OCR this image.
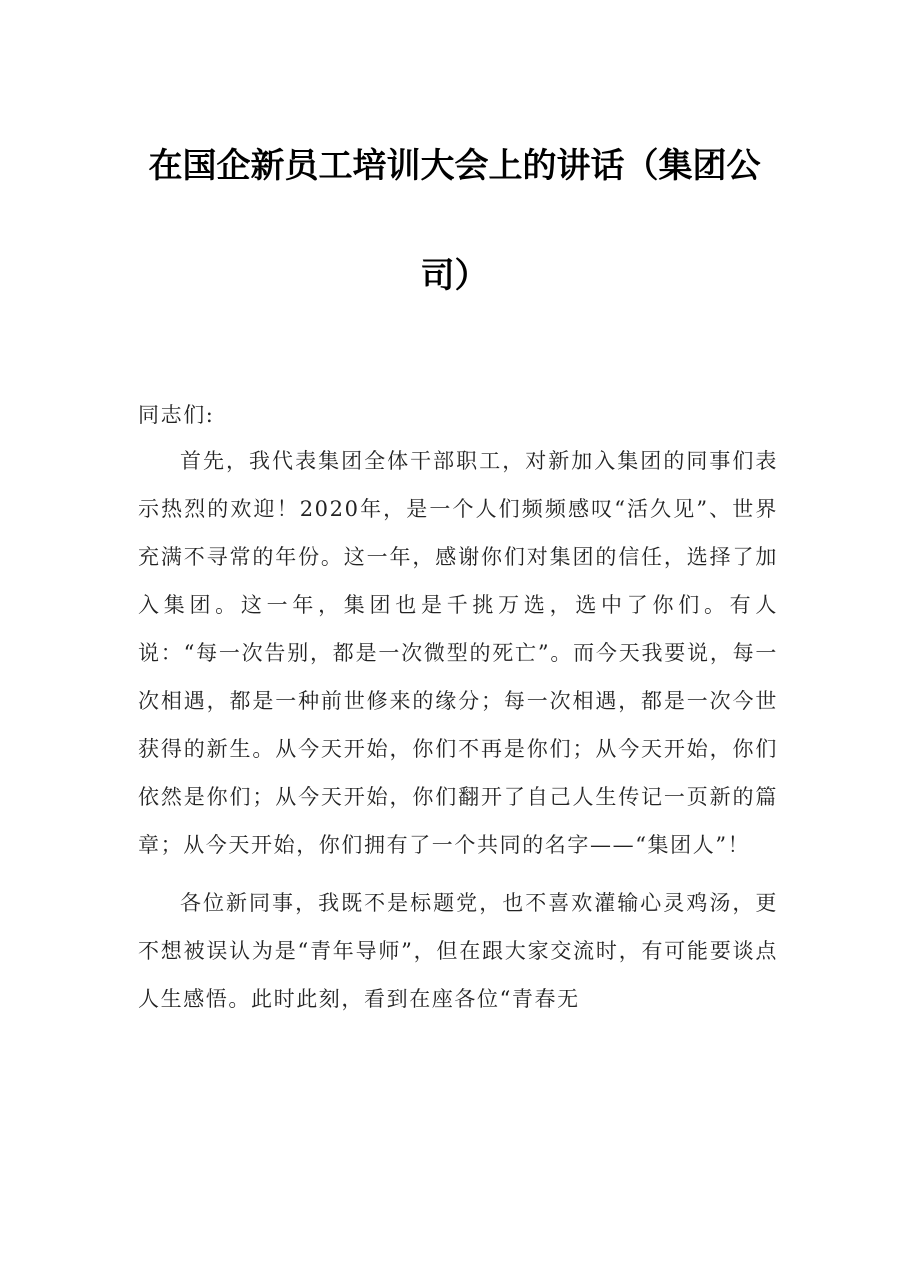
在国企新员工培训大会上的讲话（集团公
司）
同志们:

首先，我代表集团全体干部职工，对新加入集团的同事们表示热烈的欢迎！2020年，是一个人们频频感叹“活久见”、世界充满不寻常的年份。这一年，感谢你们对集团的信任，选择了加入集团。这一年，集团也是千挑万选，选中了你们。有人说：“每一次告别，都是一次微型的死亡”。而今天我要说，每一次相遇，都是一种前世修来的缘分；每一次相遇，都是一次今世获得的新生。从今天开始，你们不再是你们；从今天开始，你们依然是你们；从今天开始，你们翻开了自己人生传记一页新的篇章；从今天开始，你们拥有了一个共同的名字——“集团人”！

各位新同事，我既不是标题党，也不喜欢灌输心灵鸡汤，更不想被误认为是“青年导师”，但在跟大家交流时，有可能要谈点人生感悟。此时此刻，看到在座各位“青春无
